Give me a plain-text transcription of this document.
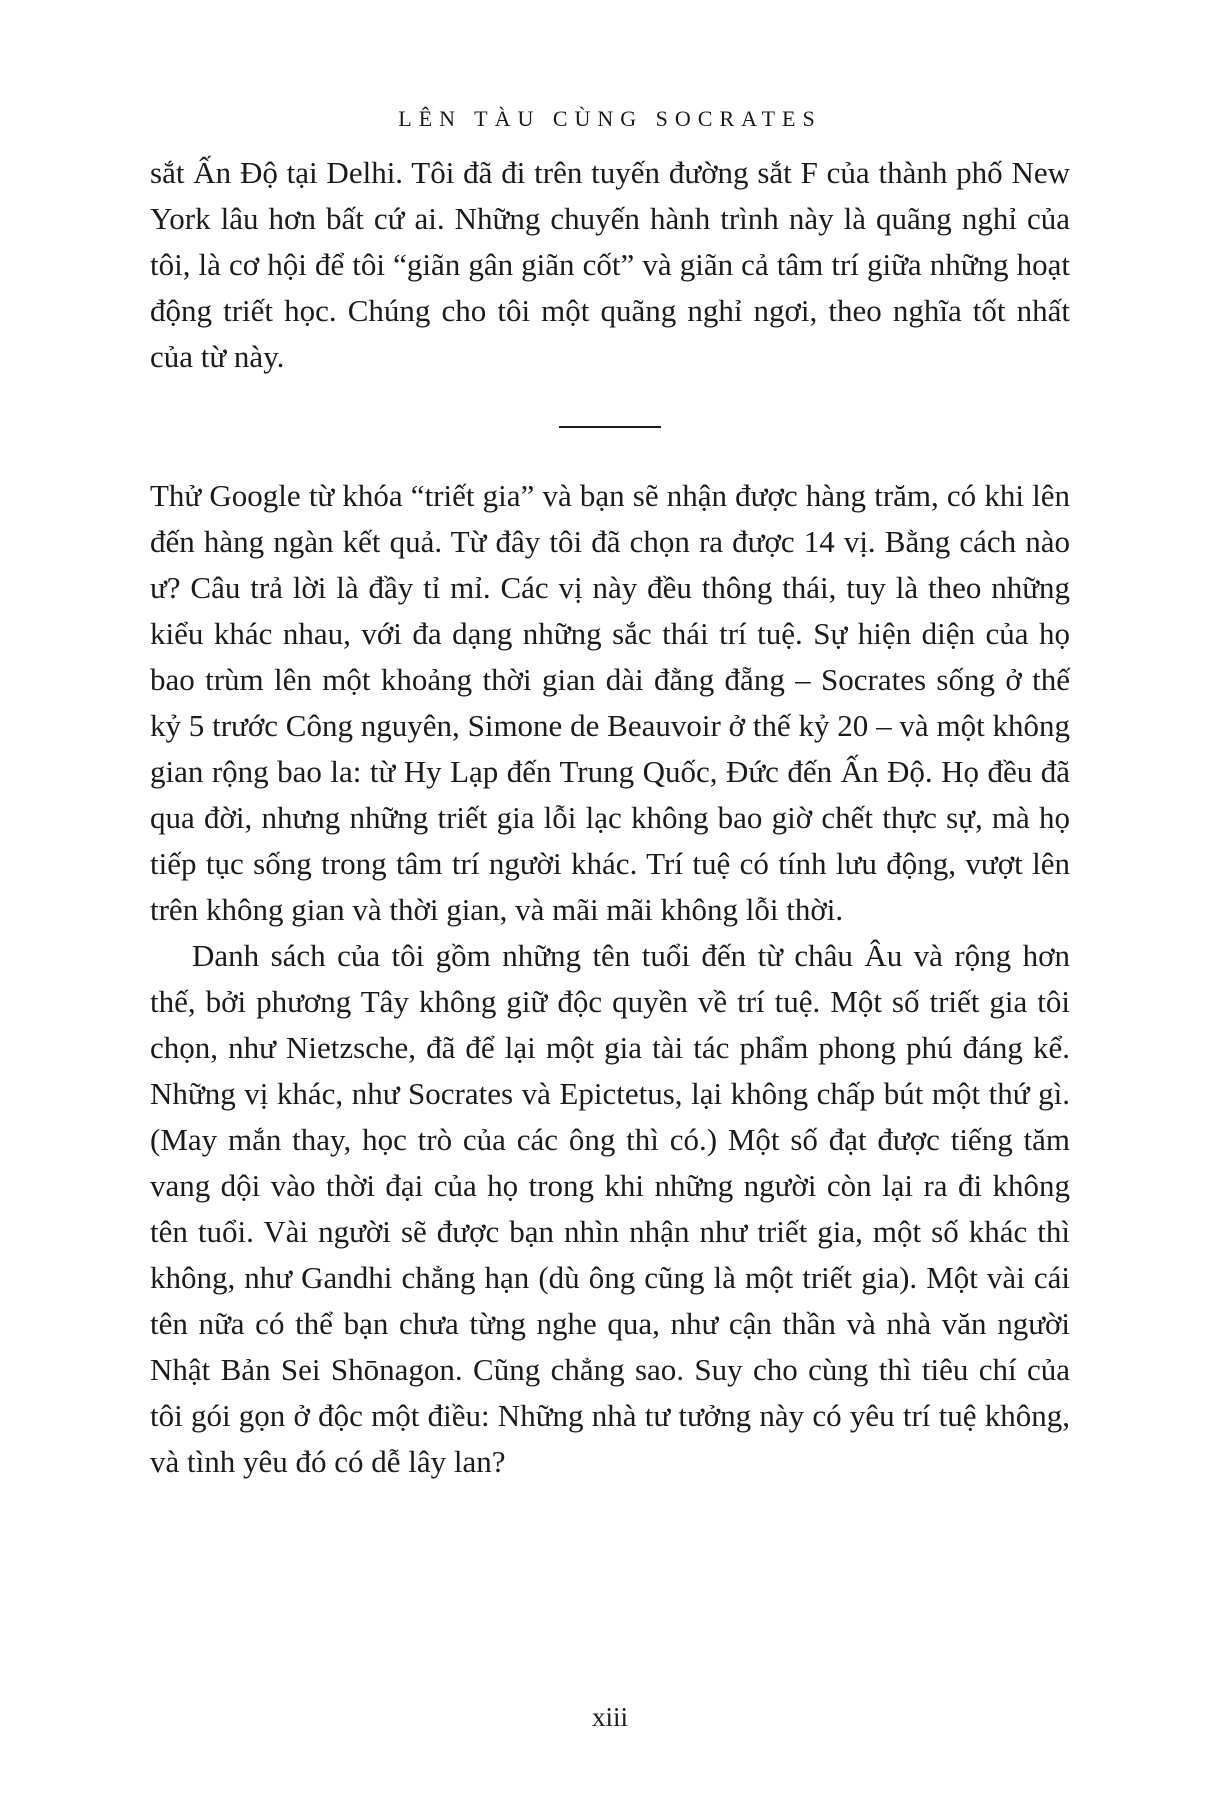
LÊN TÀU CÙNG SOCRATES

sắt Ấn Độ tại Delhi. Tôi đã đi trên tuyến đường sắt F của thành phố New York lâu hơn bất cứ ai. Những chuyến hành trình này là quãng nghỉ của tôi, là cơ hội để tôi “giãn gân giãn cốt” và giãn cả tâm trí giữa những hoạt động triết học. Chúng cho tôi một quãng nghỉ ngơi, theo nghĩa tốt nhất của từ này.

Thử Google từ khóa “triết gia” và bạn sẽ nhận được hàng trăm, có khi lên đến hàng ngàn kết quả. Từ đây tôi đã chọn ra được 14 vị. Bằng cách nào ư? Câu trả lời là đầy tỉ mỉ. Các vị này đều thông thái, tuy là theo những kiểu khác nhau, với đa dạng những sắc thái trí tuệ. Sự hiện diện của họ bao trùm lên một khoảng thời gian dài đằng đẵng – Socrates sống ở thế kỷ 5 trước Công nguyên, Simone de Beauvoir ở thế kỷ 20 – và một không gian rộng bao la: từ Hy Lạp đến Trung Quốc, Đức đến Ấn Độ. Họ đều đã qua đời, nhưng những triết gia lỗi lạc không bao giờ chết thực sự, mà họ tiếp tục sống trong tâm trí người khác. Trí tuệ có tính lưu động, vượt lên trên không gian và thời gian, và mãi mãi không lỗi thời.

Danh sách của tôi gồm những tên tuổi đến từ châu Âu và rộng hơn thế, bởi phương Tây không giữ độc quyền về trí tuệ. Một số triết gia tôi chọn, như Nietzsche, đã để lại một gia tài tác phẩm phong phú đáng kể. Những vị khác, như Socrates và Epictetus, lại không chấp bút một thứ gì. (May mắn thay, học trò của các ông thì có.) Một số đạt được tiếng tăm vang dội vào thời đại của họ trong khi những người còn lại ra đi không tên tuổi. Vài người sẽ được bạn nhìn nhận như triết gia, một số khác thì không, như Gandhi chẳng hạn (dù ông cũng là một triết gia). Một vài cái tên nữa có thể bạn chưa từng nghe qua, như cận thần và nhà văn người Nhật Bản Sei Shōnagon. Cũng chẳng sao. Suy cho cùng thì tiêu chí của tôi gói gọn ở độc một điều: Những nhà tư tưởng này có yêu trí tuệ không, và tình yêu đó có dễ lây lan?

xiii
